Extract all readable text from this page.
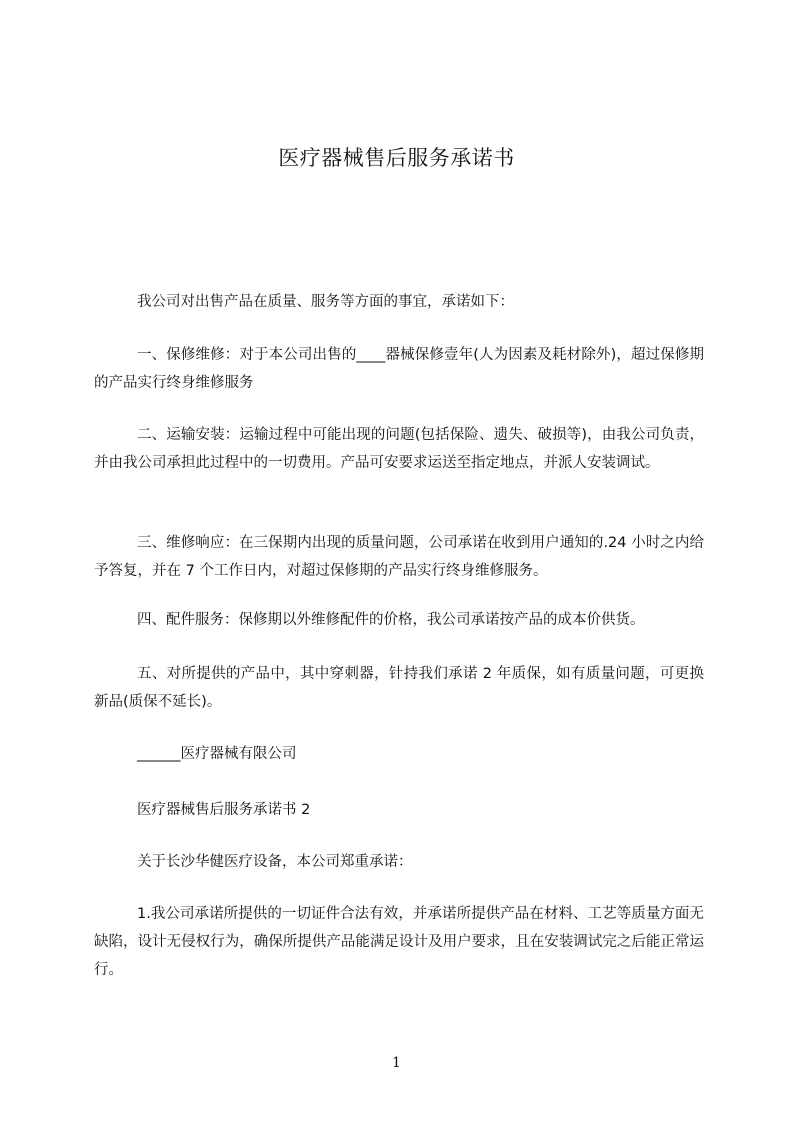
医疗器械售后服务承诺书
我公司对出售产品在质量、服务等方面的事宜，承诺如下：
一、保修维修：对于本公司出售的____器械保修壹年(人为因素及耗材除外)，超过保修期的产品实行终身维修服务
二、运输安装：运输过程中可能出现的问题(包括保险、遗失、破损等)，由我公司负责，并由我公司承担此过程中的一切费用。产品可安要求运送至指定地点，并派人安装调试。
三、维修响应：在三保期内出现的质量问题，公司承诺在收到用户通知的.24 小时之内给予答复，并在 7 个工作日内，对超过保修期的产品实行终身维修服务。
四、配件服务：保修期以外维修配件的价格，我公司承诺按产品的成本价供货。
五、对所提供的产品中，其中穿刺器，针持我们承诺 2 年质保，如有质量问题，可更换新品(质保不延长)。
______医疗器械有限公司
医疗器械售后服务承诺书 2
关于长沙华健医疗设备，本公司郑重承诺：
1.我公司承诺所提供的一切证件合法有效，并承诺所提供产品在材料、工艺等质量方面无缺陷，设计无侵权行为，确保所提供产品能满足设计及用户要求，且在安装调试完之后能正常运行。
1
